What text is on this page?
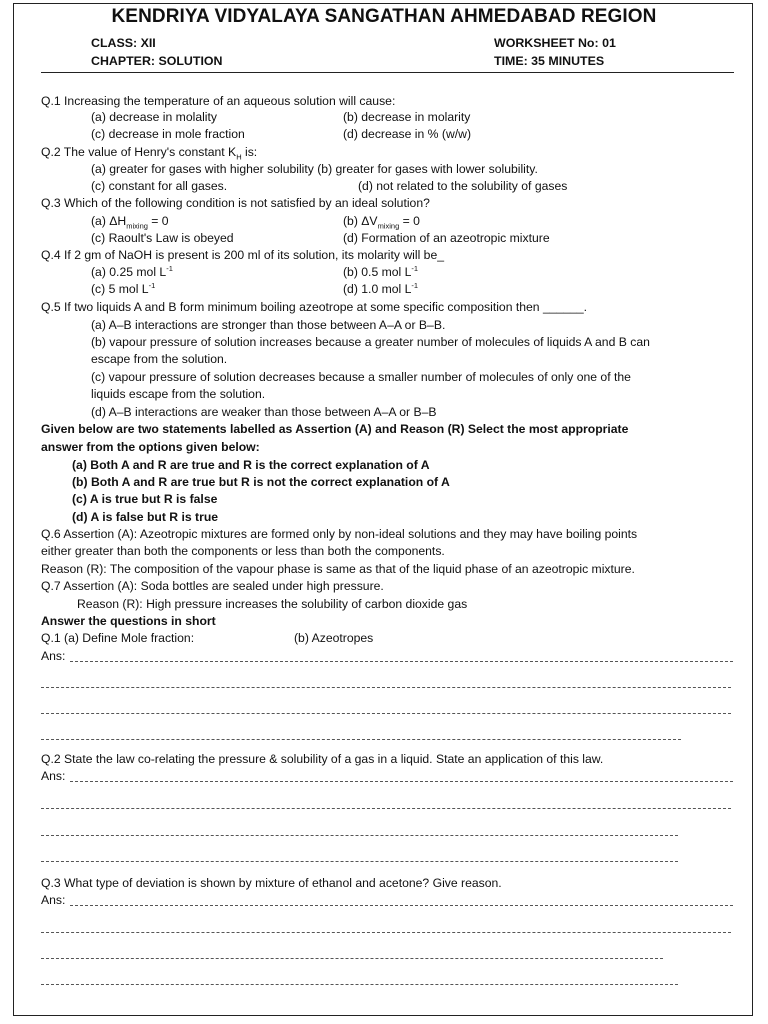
KENDRIYA VIDYALAYA SANGATHAN AHMEDABAD REGION
CLASS: XII	WORKSHEET No: 01
CHAPTER: SOLUTION	TIME: 35 MINUTES
Q.1 Increasing the temperature of an aqueous solution will cause:
(a) decrease in molality	(b) decrease in molarity
(c) decrease in mole fraction	(d) decrease in % (w/w)
Q.2 The value of Henry's constant $K_H$ is:
(a) greater for gases with higher solubility (b) greater for gases with lower solubility.
(c) constant for all gases.	(d) not related to the solubility of gases
Q.3 Which of the following condition is not satisfied by an ideal solution?
(a) $\Delta H_{mixing} = 0$	(b) $\Delta V_{mixing} = 0$
(c) Raoult's Law is obeyed	(d) Formation of an azeotropic mixture
Q.4 If 2 gm of NaOH is present is 200 ml of its solution, its molarity will be_
(a) 0.25 mol $L^{-1}$	(b) 0.5 mol $L^{-1}$
(c) 5 mol $L^{-1}$	(d) 1.0 mol $L^{-1}$
Q.5 If two liquids A and B form minimum boiling azeotrope at some specific composition then ______.
(a) A–B interactions are stronger than those between A–A or B–B.
(b) vapour pressure of solution increases because a greater number of molecules of liquids A and B can
escape from the solution.
(c) vapour pressure of solution decreases because a smaller number of molecules of only one of the
liquids escape from the solution.
(d) A–B interactions are weaker than those between A–A or B–B
Given below are two statements labelled as Assertion (A) and Reason (R) Select the most appropriate
answer from the options given below:
(a) Both A and R are true and R is the correct explanation of A
(b) Both A and R are true but R is not the correct explanation of A
(c) A is true but R is false
(d) A is false but R is true
Q.6 Assertion (A): Azeotropic mixtures are formed only by non-ideal solutions and they may have boiling points
either greater than both the components or less than both the components.
Reason (R): The composition of the vapour phase is same as that of the liquid phase of an azeotropic mixture.
Q.7 Assertion (A): Soda bottles are sealed under high pressure.
Reason (R): High pressure increases the solubility of carbon dioxide gas
Answer the questions in short
Q.1 (a) Define Mole fraction:	(b) Azeotropes
Ans:
Q.2 State the law co-relating the pressure & solubility of a gas in a liquid. State an application of this law.
Ans:
Q.3 What type of deviation is shown by mixture of ethanol and acetone? Give reason.
Ans:
